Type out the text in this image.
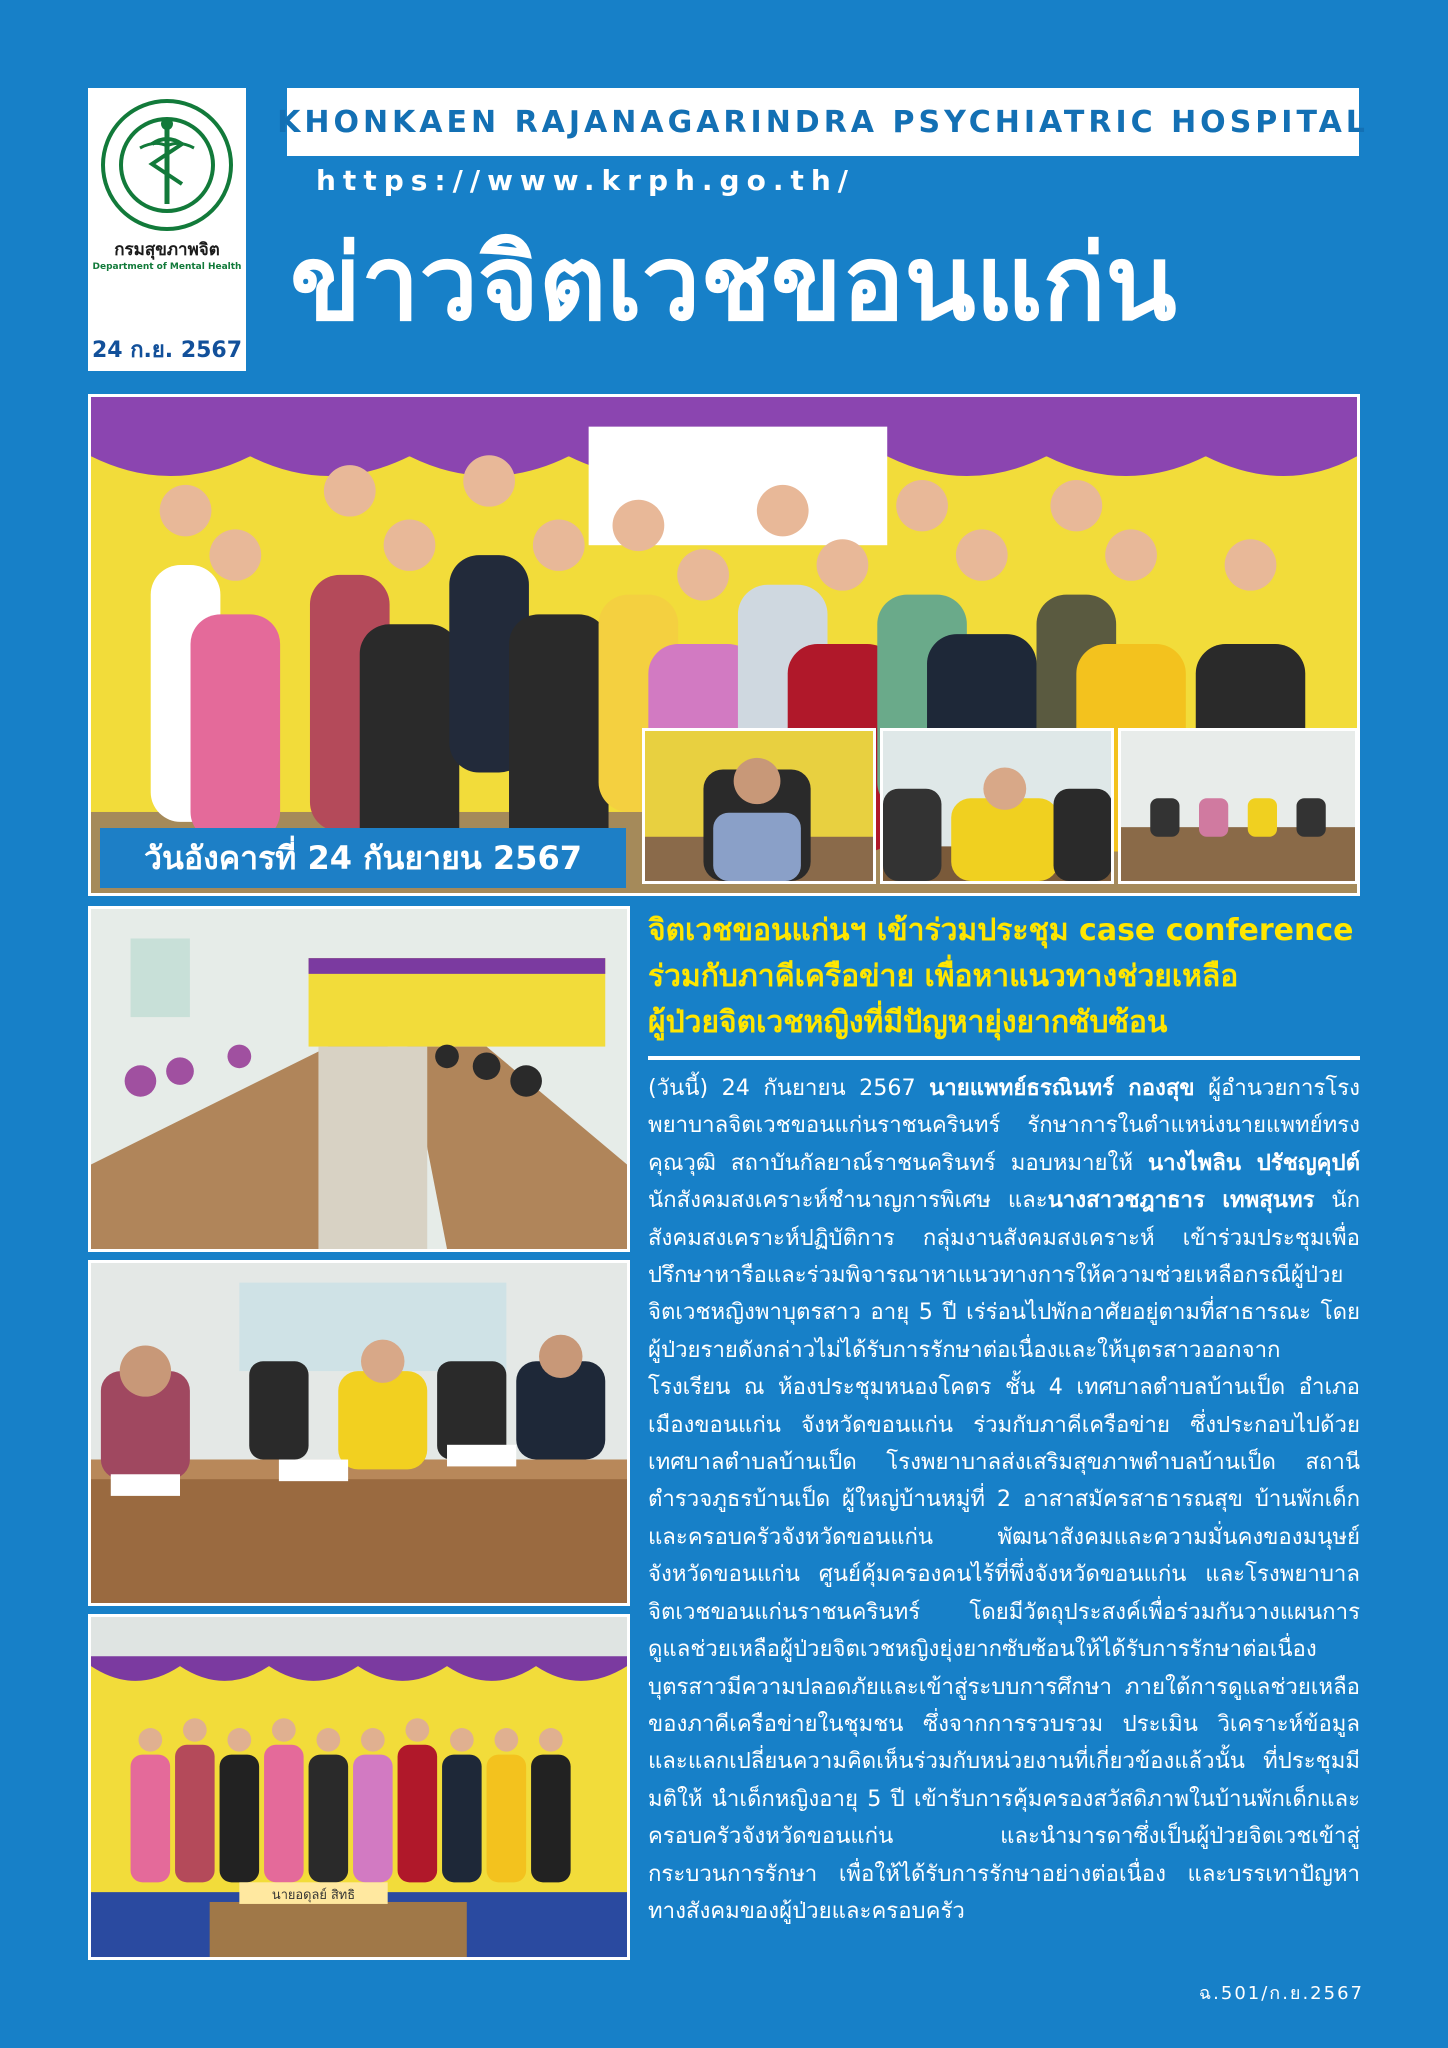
กรมสุขภาพจิต
Department of Mental Health
24 ก.ย. 2567
KHONKAEN RAJANAGARINDRA PSYCHIATRIC HOSPITAL
https://www.krph.go.th/
ข่าวจิตเวชขอนแก่น
วันอังคารที่ 24 กันยายน 2567
นายอดุลย์ สิทธิ
จิตเวชขอนแก่นฯ เข้าร่วมประชุม case conference
ร่วมกับภาคีเครือข่าย เพื่อหาแนวทางช่วยเหลือ
ผู้ป่วยจิตเวชหญิงที่มีปัญหายุ่งยากซับซ้อน
(วันนี้) 24 กันยายน 2567 นายแพทย์ธรณินทร์ กองสุข ผู้อำนวยการโรงพยาบาลจิตเวชขอนแก่นราชนครินทร์ รักษาการในตำแหน่งนายแพทย์ทรงคุณวุฒิ สถาบันกัลยาณ์ราชนครินทร์ มอบหมายให้ นางไพลิน ปรัชญคุปต์ นักสังคมสงเคราะห์ชำนาญการพิเศษ และนางสาวชฎาธาร เทพสุนทร นักสังคมสงเคราะห์ปฏิบัติการ กลุ่มงานสังคมสงเคราะห์ เข้าร่วมประชุมเพื่อปรึกษาหารือและร่วมพิจารณาหาแนวทางการให้ความช่วยเหลือกรณีผู้ป่วยจิตเวชหญิงพาบุตรสาว อายุ 5 ปี เร่ร่อนไปพักอาศัยอยู่ตามที่สาธารณะ โดยผู้ป่วยรายดังกล่าวไม่ได้รับการรักษาต่อเนื่องและให้บุตรสาวออกจากโรงเรียน ณ ห้องประชุมหนองโคตร ชั้น 4 เทศบาลตำบลบ้านเป็ด อำเภอเมืองขอนแก่น จังหวัดขอนแก่น ร่วมกับภาคีเครือข่าย ซึ่งประกอบไปด้วย เทศบาลตำบลบ้านเป็ด โรงพยาบาลส่งเสริมสุขภาพตำบลบ้านเป็ด สถานีตำรวจภูธรบ้านเป็ด ผู้ใหญ่บ้านหมู่ที่ 2 อาสาสมัครสาธารณสุข บ้านพักเด็กและครอบครัวจังหวัดขอนแก่น พัฒนาสังคมและความมั่นคงของมนุษย์จังหวัดขอนแก่น ศูนย์คุ้มครองคนไร้ที่พึ่งจังหวัดขอนแก่น และโรงพยาบาลจิตเวชขอนแก่นราชนครินทร์ โดยมีวัตถุประสงค์เพื่อร่วมกันวางแผนการดูแลช่วยเหลือผู้ป่วยจิตเวชหญิงยุ่งยากซับซ้อนให้ได้รับการรักษาต่อเนื่อง บุตรสาวมีความปลอดภัยและเข้าสู่ระบบการศึกษา ภายใต้การดูแลช่วยเหลือของภาคีเครือข่ายในชุมชน ซึ่งจากการรวบรวม ประเมิน วิเคราะห์ข้อมูล และแลกเปลี่ยนความคิดเห็นร่วมกับหน่วยงานที่เกี่ยวข้องแล้วนั้น ที่ประชุมมีมติให้ นำเด็กหญิงอายุ 5 ปี เข้ารับการคุ้มครองสวัสดิภาพในบ้านพักเด็กและครอบครัวจังหวัดขอนแก่น และนำมารดาซึ่งเป็นผู้ป่วยจิตเวชเข้าสู่กระบวนการรักษา เพื่อให้ได้รับการรักษาอย่างต่อเนื่อง และบรรเทาปัญหาทางสังคมของผู้ป่วยและครอบครัว
ฉ.501/ก.ย.2567
